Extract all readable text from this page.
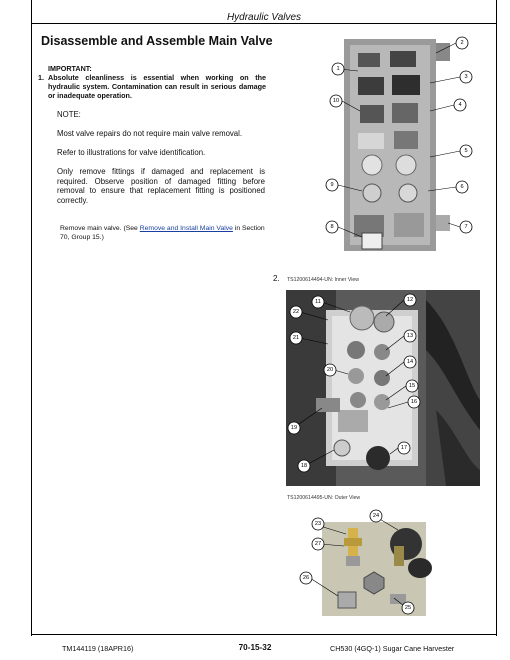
Hydraulic Valves
Disassemble and Assemble Main Valve
IMPORTANT:
1. Absolute cleanliness is essential when working on the hydraulic system. Contamination can result in serious damage or inadequate operation.

NOTE:

Most valve repairs do not require main valve removal.

Refer to illustrations for valve identification.

Only remove fittings if damaged and replacement is required. Observe position of damaged fitting before removal to ensure that replacement fitting is positioned correctly.

Remove main valve. (See Remove and Install Main Valve in Section 70, Group 15.)
1
2
3
4
5
6
7
8
9
10
2. TS1200614494-UN: Inner View
11	12
13
14
15
16
17
18
19
20
21
22
TS1200614495-UN: Outer View
23
24
25
26
27
TM144119 (18APR16)	70-15-32	CH530 (4GQ-1) Sugar Cane Harvester
